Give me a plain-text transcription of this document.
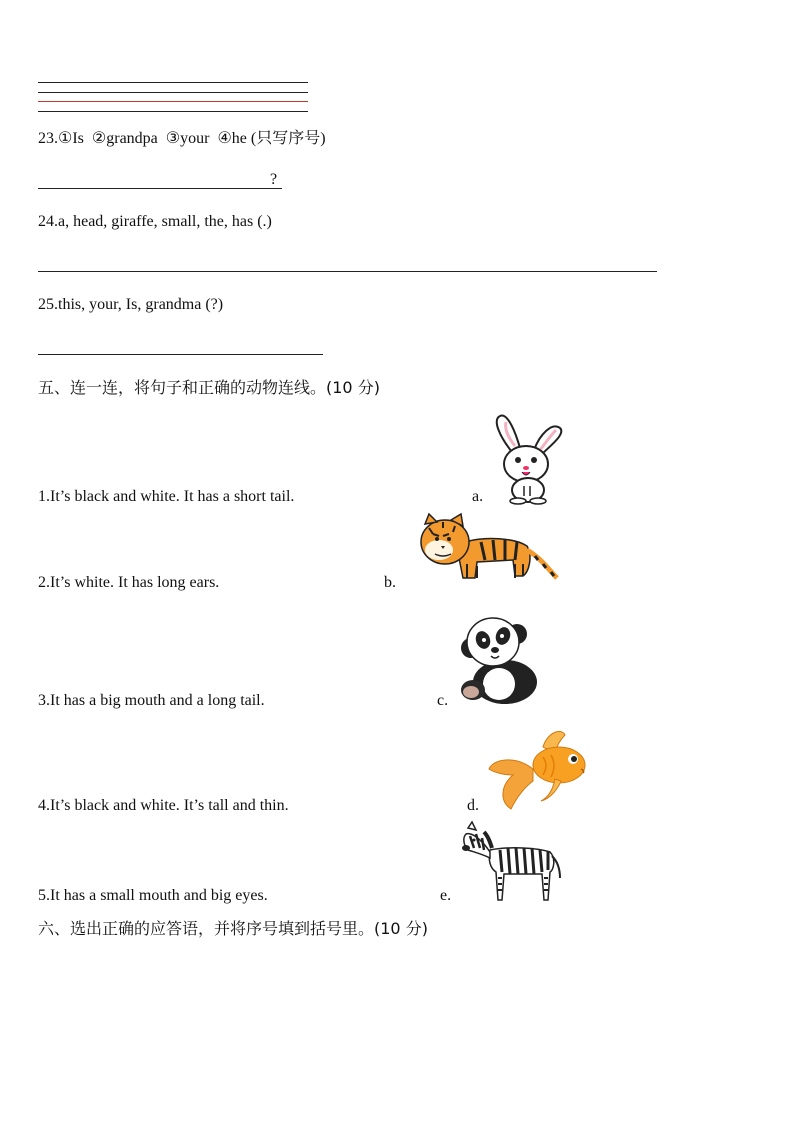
23.①Is  ②grandpa  ③your  ④he (只写序号)
?
24.a, head, giraffe, small, the, has (.)
25.this, your, Is, grandma (?)
五、连一连，将句子和正确的动物连线。(10 分)
1.It’s black and white. It has a short tail.	a.
2.It’s white. It has long ears.	b.
3.It has a big mouth and a long tail.	c.
4.It’s black and white. It’s tall and thin.	d.
5.It has a small mouth and big eyes.	e.
六、选出正确的应答语，并将序号填到括号里。(10 分)
